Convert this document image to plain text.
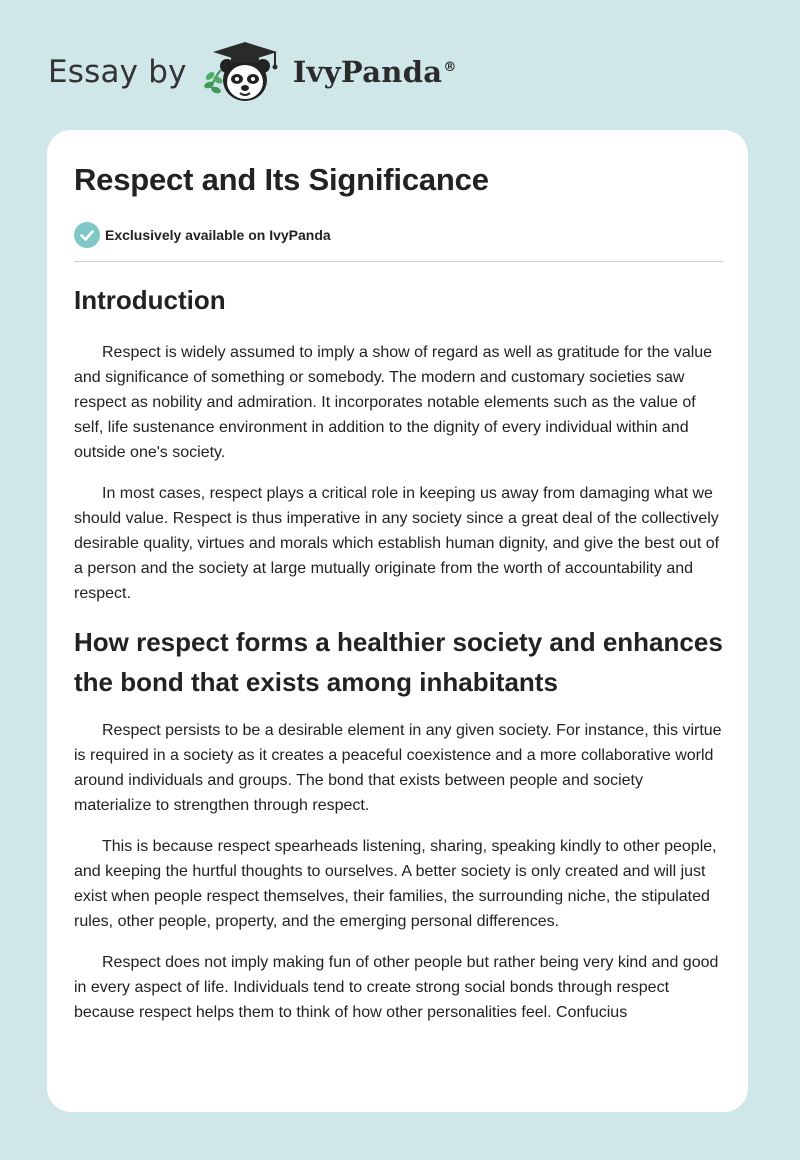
Essay by	IvyPanda®
Respect and Its Significance
Exclusively available on IvyPanda
Introduction

Respect is widely assumed to imply a show of regard as well as gratitude for the value and significance of something or somebody. The modern and customary societies saw respect as nobility and admiration. It incorporates notable elements such as the value of self, life sustenance environment in addition to the dignity of every individual within and outside one's society.

In most cases, respect plays a critical role in keeping us away from damaging what we should value. Respect is thus imperative in any society since a great deal of the collectively desirable quality, virtues and morals which establish human dignity, and give the best out of a person and the society at large mutually originate from the worth of accountability and respect.

How respect forms a healthier society and enhances the bond that exists among inhabitants

Respect persists to be a desirable element in any given society. For instance, this virtue is required in a society as it creates a peaceful coexistence and a more collaborative world around individuals and groups. The bond that exists between people and society materialize to strengthen through respect.

This is because respect spearheads listening, sharing, speaking kindly to other people, and keeping the hurtful thoughts to ourselves. A better society is only created and will just exist when people respect themselves, their families, the surrounding niche, the stipulated rules, other people, property, and the emerging personal differences.

Respect does not imply making fun of other people but rather being very kind and good in every aspect of life. Individuals tend to create strong social bonds through respect because respect helps them to think of how other personalities feel. Confucius
